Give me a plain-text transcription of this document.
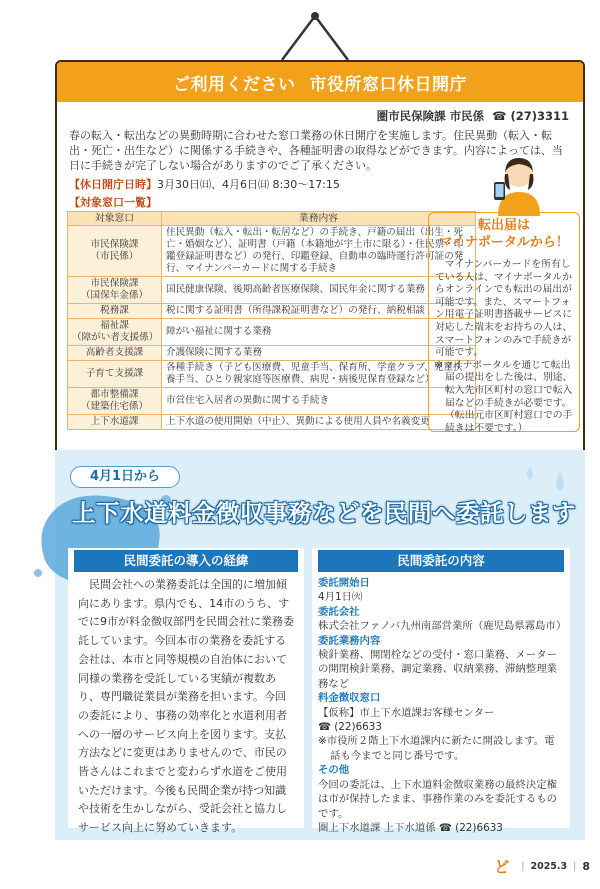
ご利用ください 市役所窓口休日開庁
圏市民保険課 市民係 ☎ (27)3311

春の転入・転出などの異動時期に合わせた窓口業務の休日開庁を実施します。住民異動（転入・転出・死亡・出生など）に関係する手続きや、各種証明書の取得などができます。内容によっては、当日に手続きが完了しない場合がありますのでご了承ください。

【休日開庁日時】3月30日㈰、4月6日㈰ 8:30～17:15
【対象窓口一覧】
対象窓口	業務内容
市民保険課
（市民係）	住民異動（転入・転出・転居など）の手続き、戸籍の届出（出生・死亡・婚姻など）、証明書（戸籍（本籍地が宇土市に限る）・住民票・印鑑登録証明書など）の発行、印鑑登録、自動車の臨時運行許可証の発行、マイナンバーカードに関する手続き
市民保険課
（国保年金係）	国民健康保険、後期高齢者医療保険、国民年金に関する業務
税務課	税に関する証明書（所得課税証明書など）の発行、納税相談
福祉課
（障がい者支援係）	障がい福祉に関する業務
高齢者支援課	介護保険に関する業務
子育て支援課	各種手続き（子ども医療費、児童手当、保育所、学童クラブ、児童扶養手当、ひとり親家庭等医療費、病児・病後児保育登録など）
都市整備課
（建築住宅係）	市営住宅入居者の異動に関する手続き
上下水道課	上下水道の使用開始（中止）、異動による使用人員や名義変更
転出届は
マイナポータルから！
マイナンバーカードを所有している人は、マイナポータルからオンラインでも転出の届出が可能です。また、スマートフォン用電子証明書搭載サービスに対応した端末をお持ちの人は、スマートフォンのみで手続きが可能です。
※マイナポータルを通じて転出届の提出をした後は、別途、転入先市区町村の窓口で転入届などの手続きが必要です。（転出元市区町村窓口での手続きは不要です。）
4月1日から
上下水道料金徴収事務などを民間へ委託します
民間委託の導入の経緯

民間会社への業務委託は全国的に増加傾向にあります。県内でも、14市のうち、すでに9市が料金徴収部門を民間会社に業務委託しています。今回本市の業務を委託する会社は、本市と同等規模の自治体において同様の業務を受託している実績が複数あり、専門職従業員が業務を担います。今回の委託により、事務の効率化と水道利用者への一層のサービス向上を図ります。支払方法などに変更はありませんので、市民の皆さんはこれまでと変わらず水道をご使用いただけます。今後も民間企業が持つ知識や技術を生かしながら、受託会社と協力しサービス向上に努めていきます。

民間委託の内容
委託開始日
4月1日㈫
委託会社
株式会社ファノバ九州南部営業所（鹿児島県霧島市）
委託業務内容
検針業務、開閉栓などの受付・窓口業務、メーター の開閉検針業務、調定業務、収納業務、滞納整理業務など
料金徴収窓口
【仮称】市上下水道課お客様センター
☎ (22)6633
※市役所２階上下水道課内に新たに開設します。電話も今までと同じ番号です。
その他
今回の委託は、上下水道料金徴収業務の最終決定権は市が保持したまま、事務作業のみを委託するものです。
圏上下水道課 上下水道係 ☎ (22)6633
ど | 2025.3 | 8
